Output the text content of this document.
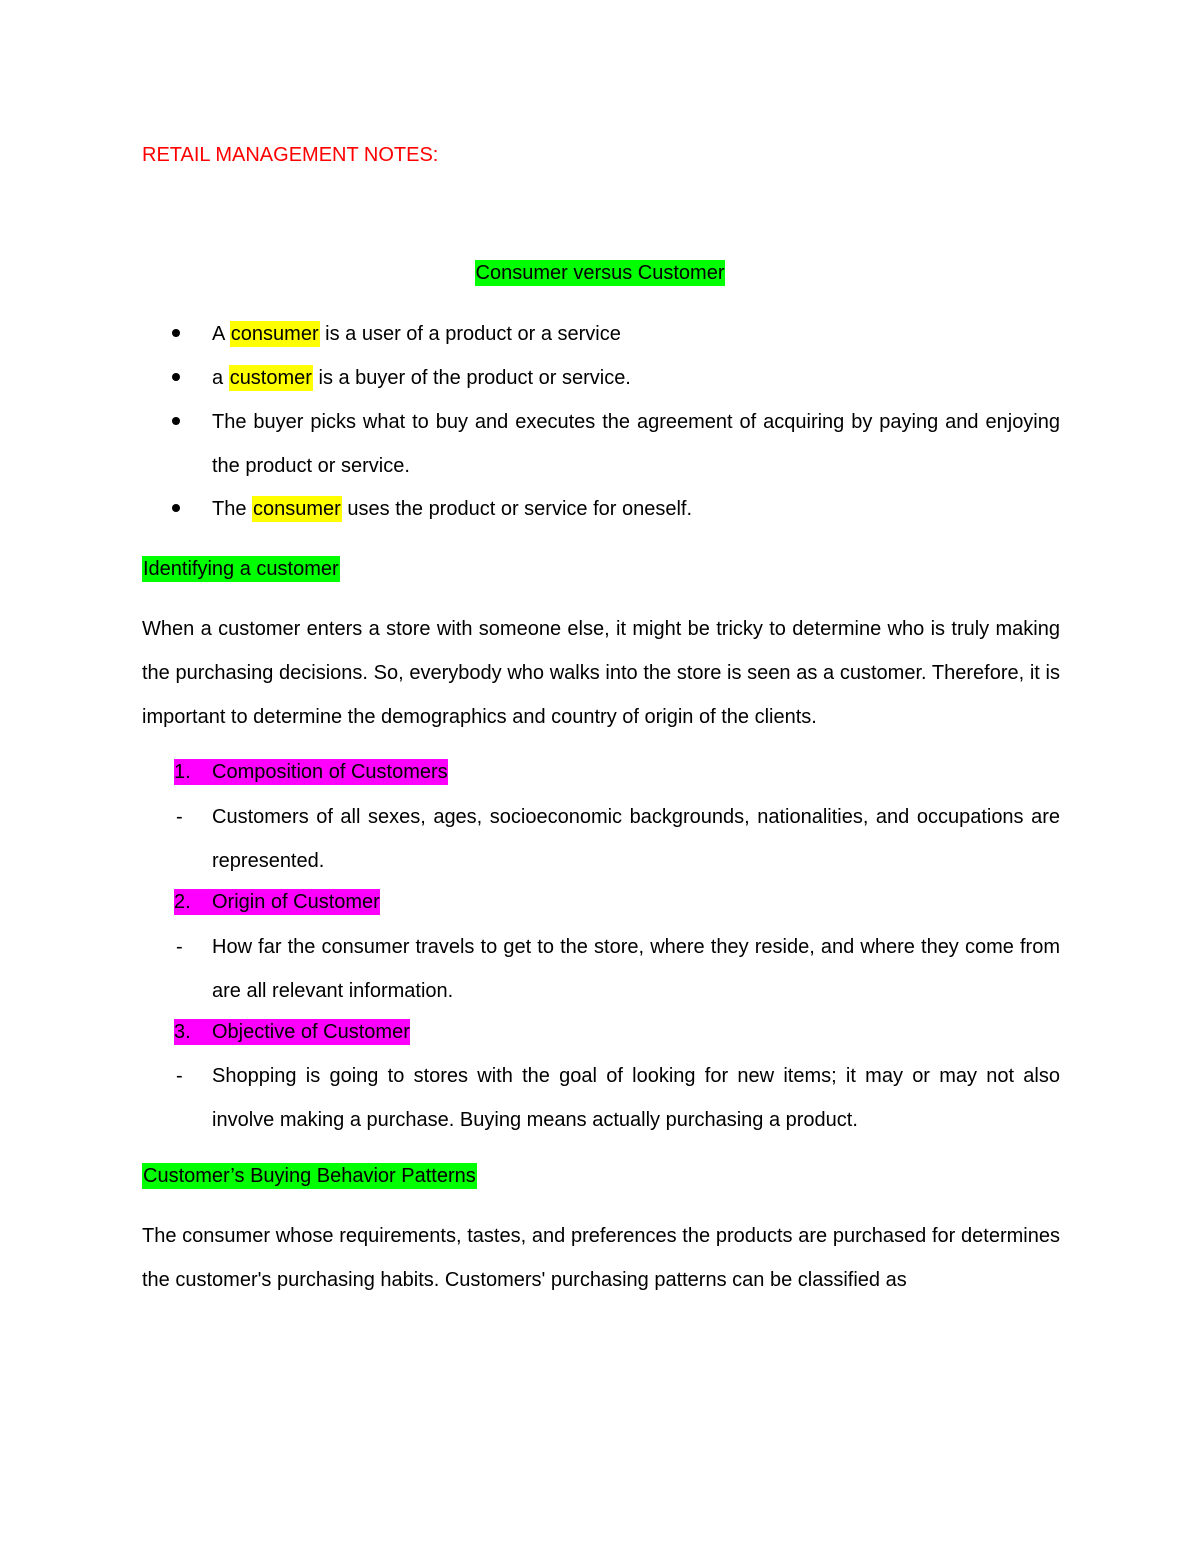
RETAIL MANAGEMENT NOTES:
Consumer versus Customer
A consumer is a user of a product or a service
a customer is a buyer of the product or service.
The buyer picks what to buy and executes the agreement of acquiring by paying and enjoying the product or service.
The consumer uses the product or service for oneself.
Identifying a customer
When a customer enters a store with someone else, it might be tricky to determine who is truly making the purchasing decisions. So, everybody who walks into the store is seen as a customer. Therefore, it is important to determine the demographics and country of origin of the clients.
1. Composition of Customers
- Customers of all sexes, ages, socioeconomic backgrounds, nationalities, and occupations are represented.
2. Origin of Customer
- How far the consumer travels to get to the store, where they reside, and where they come from are all relevant information.
3. Objective of Customer
- Shopping is going to stores with the goal of looking for new items; it may or may not also involve making a purchase. Buying means actually purchasing a product.
Customer’s Buying Behavior Patterns
The consumer whose requirements, tastes, and preferences the products are purchased for determines the customer's purchasing habits. Customers' purchasing patterns can be classified as
